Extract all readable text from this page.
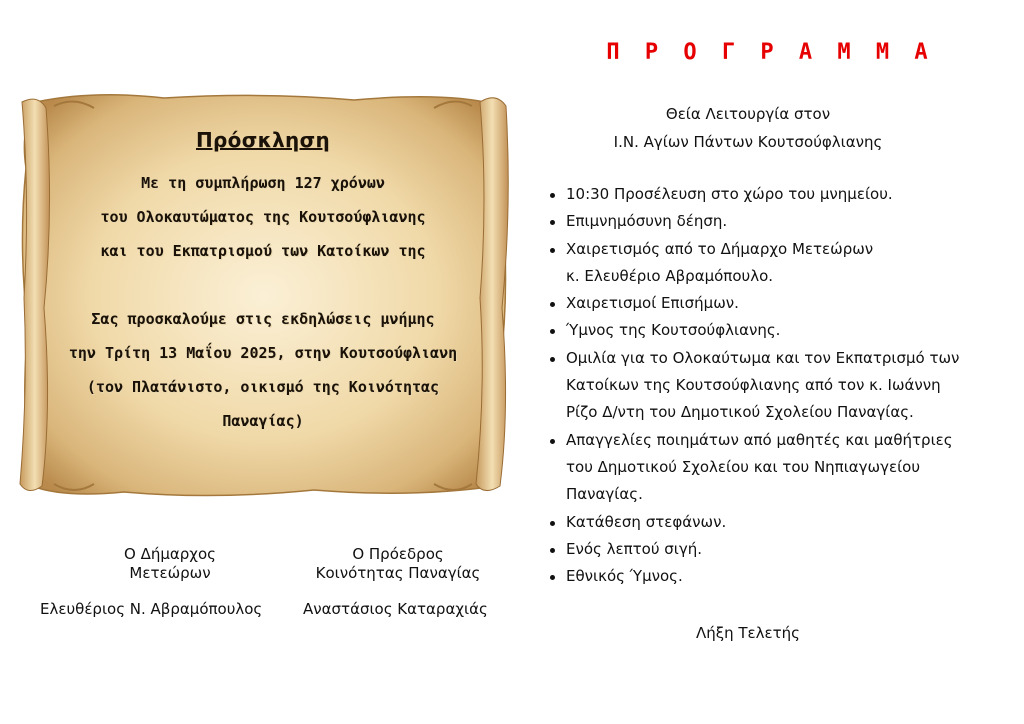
Πρόσκληση
Με τη συμπλήρωση 127 χρόνων
του Ολοκαυτώματος της Κουτσούφλιανης
και του Εκπατρισμού των Κατοίκων της
Σας προσκαλούμε στις εκδηλώσεις μνήμης
την Τρίτη 13 Μαΐου 2025, στην Κουτσούφλιανη
(τον Πλατάνιστο, οικισμό της Κοινότητας
Παναγίας)
Ο Δήμαρχος
Μετεώρων
Ελευθέριος Ν. Αβραμόπουλος
Ο Πρόεδρος
Κοινότητας Παναγίας
Αναστάσιος Καταραχιάς
Π Ρ Ο Γ Ρ Α Μ Μ Α
Θεία Λειτουργία στον
Ι.Ν. Αγίων Πάντων Κουτσούφλιανης
10:30 Προσέλευση στο χώρο του μνημείου.
Επιμνημόσυνη δέηση.
Χαιρετισμός από το Δήμαρχο Μετεώρων
κ. Ελευθέριο Αβραμόπουλο.
Χαιρετισμοί Επισήμων.
Ύμνος της Κουτσούφλιανης.
Ομιλία για το Ολοκαύτωμα και τον Εκπατρισμό των
Κατοίκων της Κουτσούφλιανης από τον κ. Ιωάννη
Ρίζο Δ/ντη του Δημοτικού Σχολείου Παναγίας.
Απαγγελίες ποιημάτων από μαθητές και μαθήτριες
του Δημοτικού Σχολείου και του Νηπιαγωγείου
Παναγίας.
Κατάθεση στεφάνων.
Ενός λεπτού σιγή.
Εθνικός Ύμνος.
Λήξη Τελετής
